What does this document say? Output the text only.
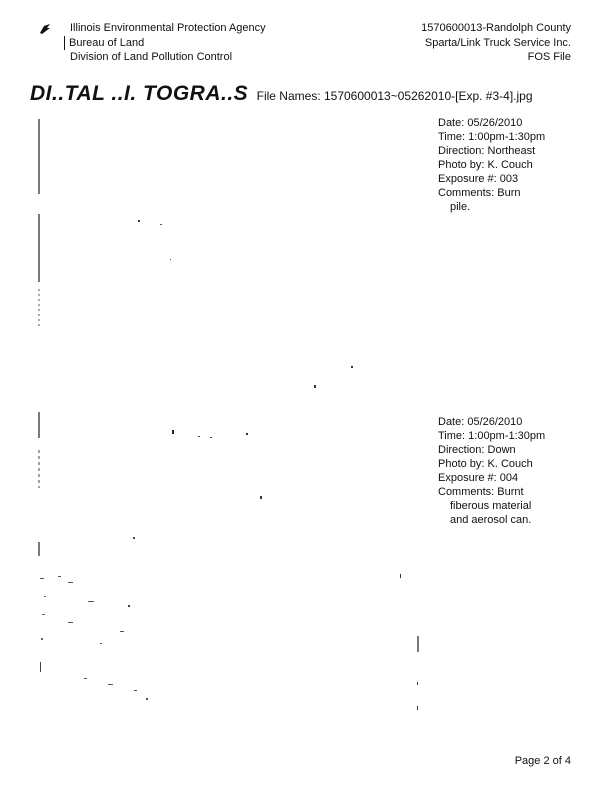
Illinois Environmental Protection Agency
Bureau of Land
Division of Land Pollution Control
1570600013-Randolph County
Sparta/Link Truck Service Inc.
FOS File
DI..TAL ..I. TOGRA..S File Names: 1570600013~05262010-[Exp. #3-4].jpg
Date: 05/26/2010
Time: 1:00pm-1:30pm
Direction: Northeast
Photo by: K. Couch
Exposure #: 003
Comments: Burn
pile.
Date: 05/26/2010
Time: 1:00pm-1:30pm
Direction: Down
Photo by: K. Couch
Exposure #: 004
Comments: Burnt
fiberous material
and aerosol can.
Page 2 of 4
